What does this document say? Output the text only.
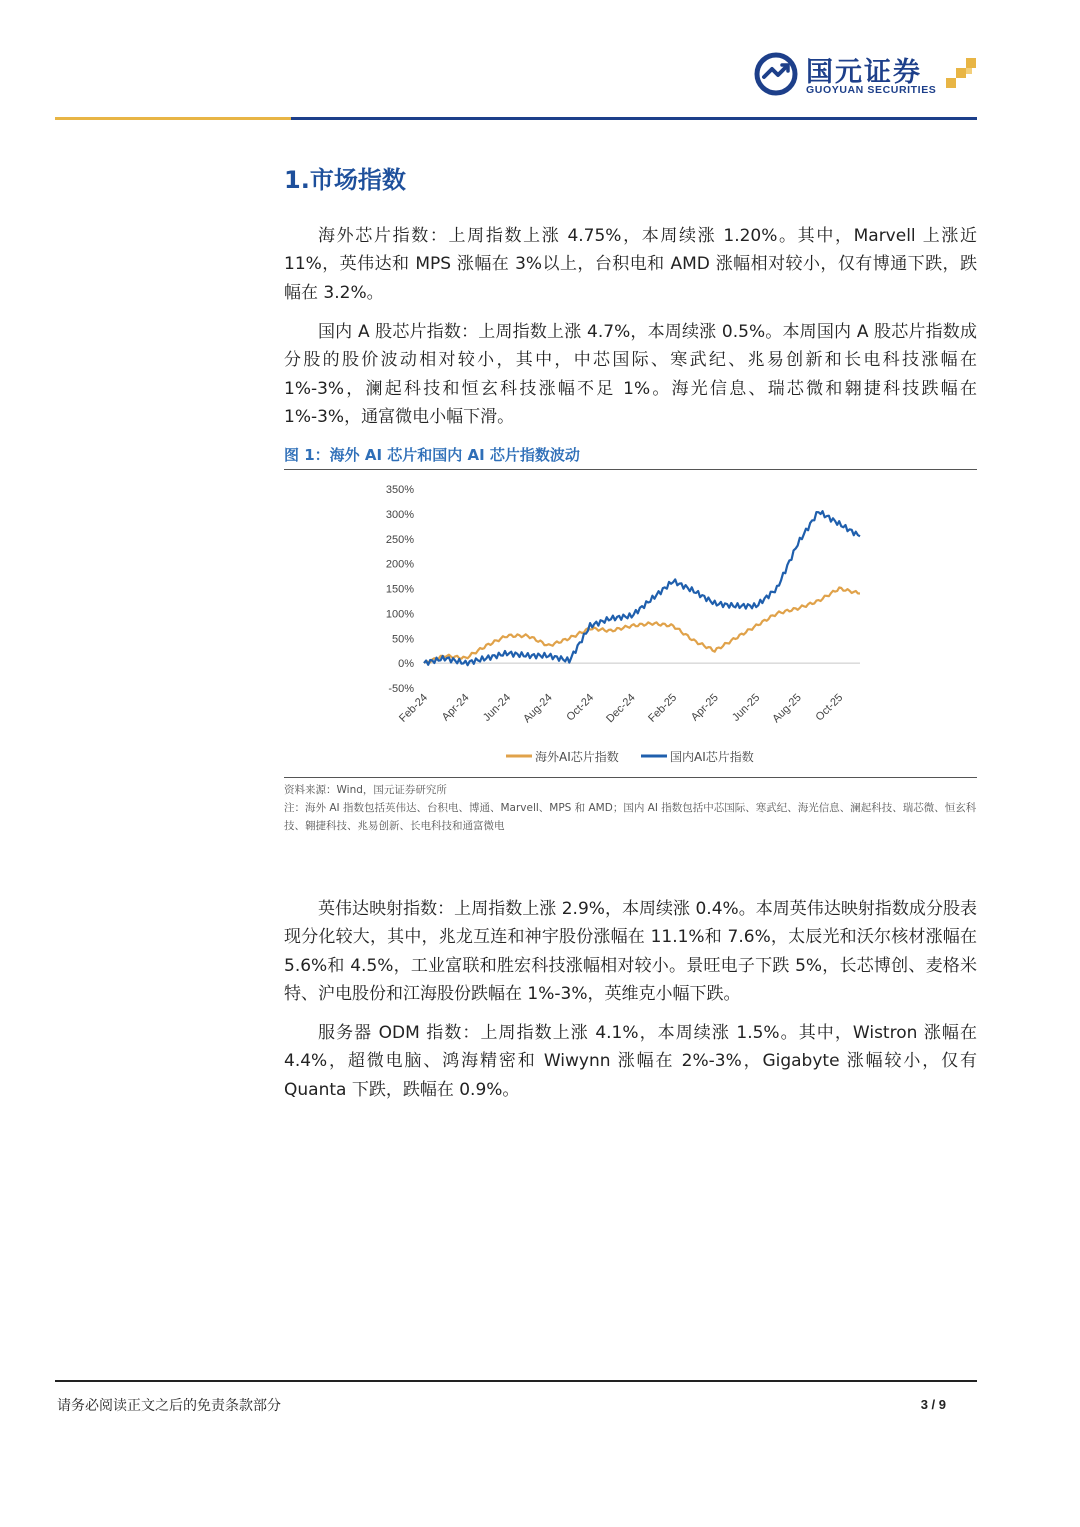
国元证券
GUOYUAN SECURITIES
1.市场指数

海外芯片指数：上周指数上涨 4.75%，本周续涨 1.20%。其中，Marvell 上涨近 11%，英伟达和 MPS 涨幅在 3%以上，台积电和 AMD 涨幅相对较小，仅有博通下跌，跌幅在 3.2%。

国内 A 股芯片指数：上周指数上涨 4.7%，本周续涨 0.5%。本周国内 A 股芯片指数成分股的股价波动相对较小，其中，中芯国际、寒武纪、兆易创新和长电科技涨幅在 1%-3%，澜起科技和恒玄科技涨幅不足 1%。海光信息、瑞芯微和翱捷科技跌幅在 1%-3%，通富微电小幅下滑。

图 1：海外 AI 芯片和国内 AI 芯片指数波动
350%
300%
250%
200%
150%
100%
50%
0%
-50%
Feb-24 Apr-24 Jun-24 Aug-24 Oct-24 Dec-24 Feb-25 Apr-25 Jun-25 Aug-25 Oct-25
海外AI芯片指数	国内AI芯片指数
资料来源：Wind，国元证券研究所
注：海外 AI 指数包括英伟达、台积电、博通、Marvell、MPS 和 AMD；国内 AI 指数包括中芯国际、寒武纪、海光信息、澜起科技、瑞芯微、恒玄科技、翱捷科技、兆易创新、长电科技和通富微电

英伟达映射指数：上周指数上涨 2.9%，本周续涨 0.4%。本周英伟达映射指数成分股表现分化较大，其中，兆龙互连和神宇股份涨幅在 11.1%和 7.6%，太辰光和沃尔核材涨幅在 5.6%和 4.5%，工业富联和胜宏科技涨幅相对较小。景旺电子下跌 5%，长芯博创、麦格米特、沪电股份和江海股份跌幅在 1%-3%，英维克小幅下跌。

服务器 ODM 指数：上周指数上涨 4.1%，本周续涨 1.5%。其中，Wistron 涨幅在 4.4%，超微电脑、鸿海精密和 Wiwynn 涨幅在 2%-3%，Gigabyte 涨幅较小，仅有 Quanta 下跌，跌幅在 0.9%。

请务必阅读正文之后的免责条款部分	3 / 9
